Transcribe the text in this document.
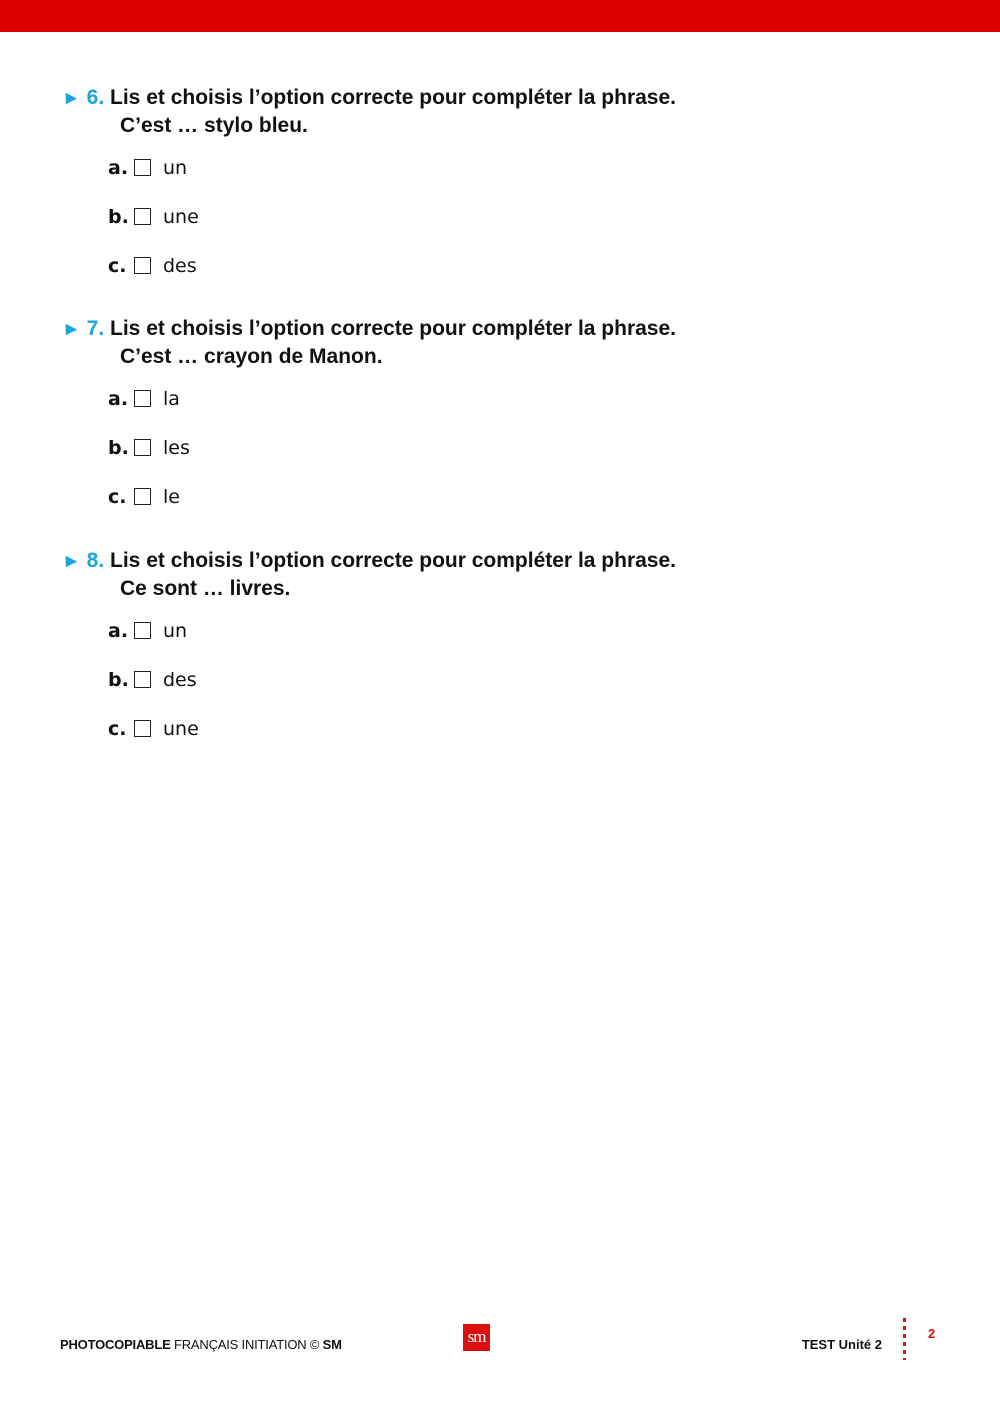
► 6. Lis et choisis l’option correcte pour compléter la phrase.
C’est … stylo bleu.
a. un
b. une
c. des
► 7. Lis et choisis l’option correcte pour compléter la phrase.
C’est … crayon de Manon.
a. la
b. les
c. le
► 8. Lis et choisis l’option correcte pour compléter la phrase.
Ce sont … livres.
a. un
b. des
c. une
PHOTOCOPIABLE FRANÇAIS INITIATION © SM	sm	TEST Unité 2
2
